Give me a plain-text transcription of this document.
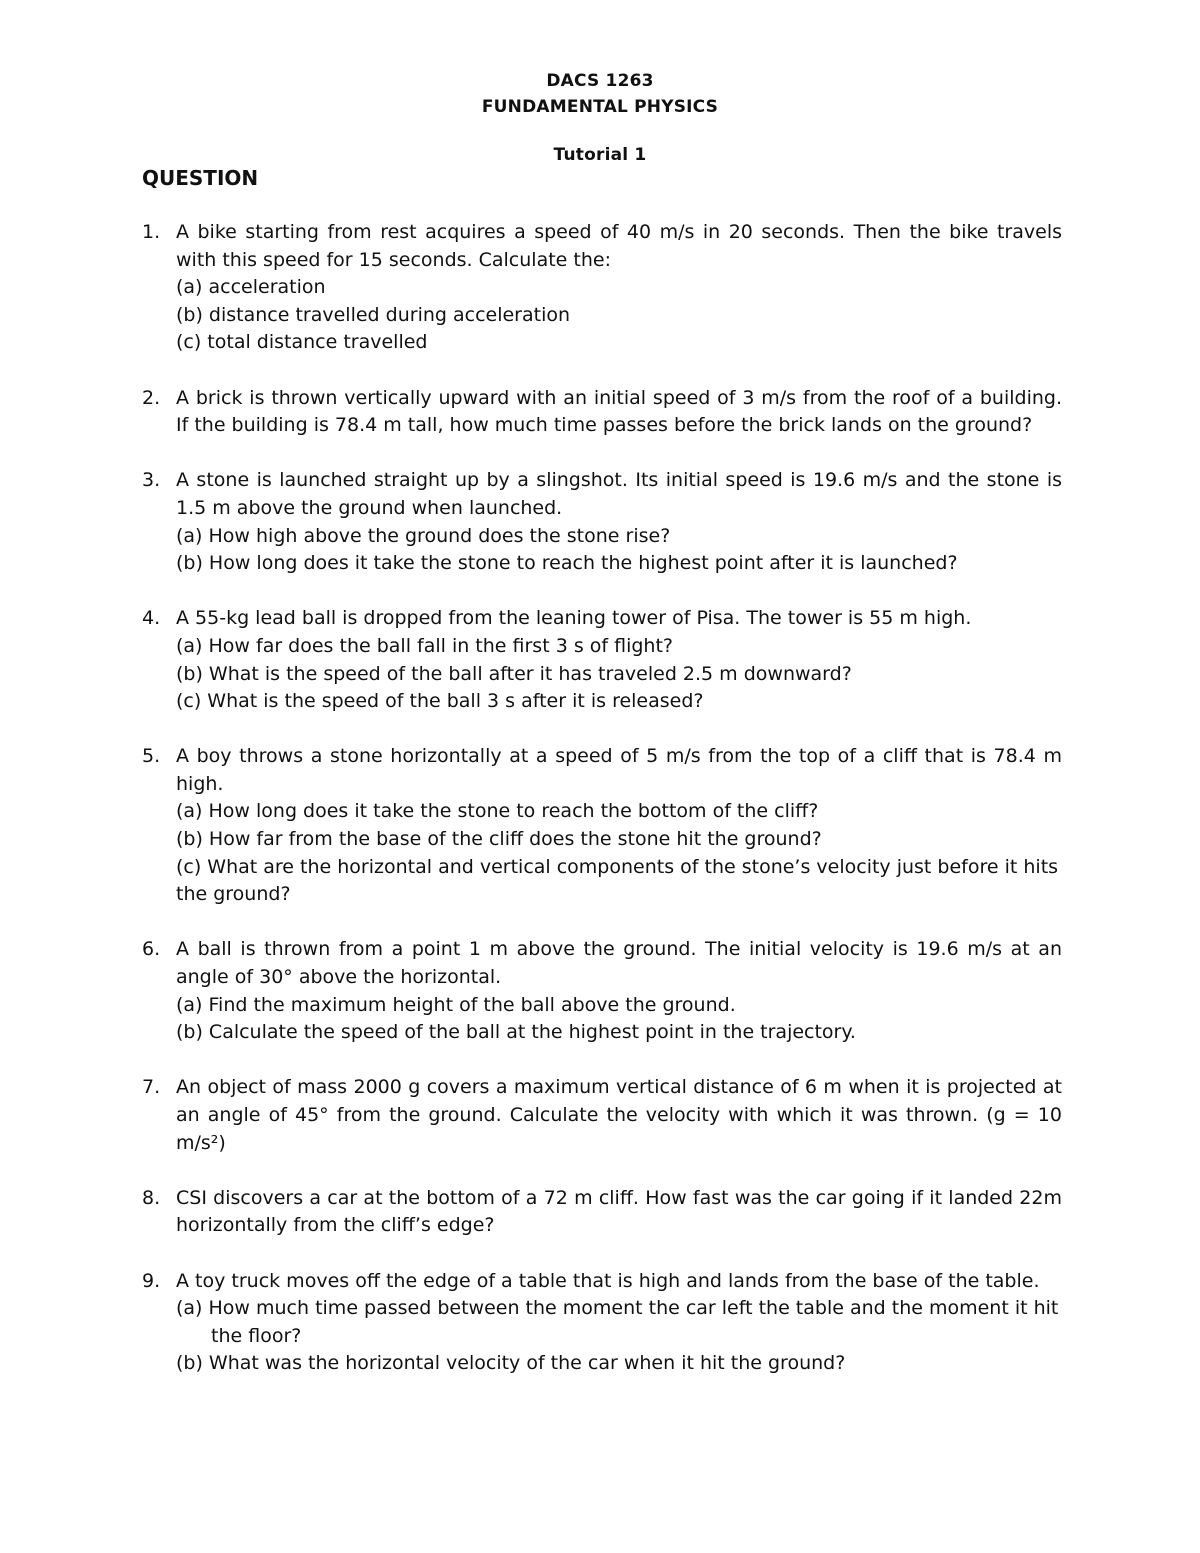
DACS 1263
FUNDAMENTAL PHYSICS
Tutorial 1
QUESTION
1. A bike starting from rest acquires a speed of 40 m/s in 20 seconds. Then the bike travels with this speed for 15 seconds. Calculate the:
(a) acceleration
(b) distance travelled during acceleration
(c) total distance travelled
2. A brick is thrown vertically upward with an initial speed of 3 m/s from the roof of a building. If the building is 78.4 m tall, how much time passes before the brick lands on the ground?
3. A stone is launched straight up by a slingshot. Its initial speed is 19.6 m/s and the stone is 1.5 m above the ground when launched.
(a) How high above the ground does the stone rise?
(b) How long does it take the stone to reach the highest point after it is launched?
4. A 55-kg lead ball is dropped from the leaning tower of Pisa. The tower is 55 m high.
(a) How far does the ball fall in the first 3 s of flight?
(b) What is the speed of the ball after it has traveled 2.5 m downward?
(c) What is the speed of the ball 3 s after it is released?
5. A boy throws a stone horizontally at a speed of 5 m/s from the top of a cliff that is 78.4 m high.
(a) How long does it take the stone to reach the bottom of the cliff?
(b) How far from the base of the cliff does the stone hit the ground?
(c) What are the horizontal and vertical components of the stone’s velocity just before it hits the ground?
6. A ball is thrown from a point 1 m above the ground. The initial velocity is 19.6 m/s at an angle of 30° above the horizontal.
(a) Find the maximum height of the ball above the ground.
(b) Calculate the speed of the ball at the highest point in the trajectory.
7. An object of mass 2000 g covers a maximum vertical distance of 6 m when it is projected at an angle of 45° from the ground. Calculate the velocity with which it was thrown. (g = 10 m/s²)
8. CSI discovers a car at the bottom of a 72 m cliff. How fast was the car going if it landed 22m horizontally from the cliff’s edge?
9. A toy truck moves off the edge of a table that is high and lands from the base of the table.
(a) How much time passed between the moment the car left the table and the moment it hit the floor?
(b) What was the horizontal velocity of the car when it hit the ground?
